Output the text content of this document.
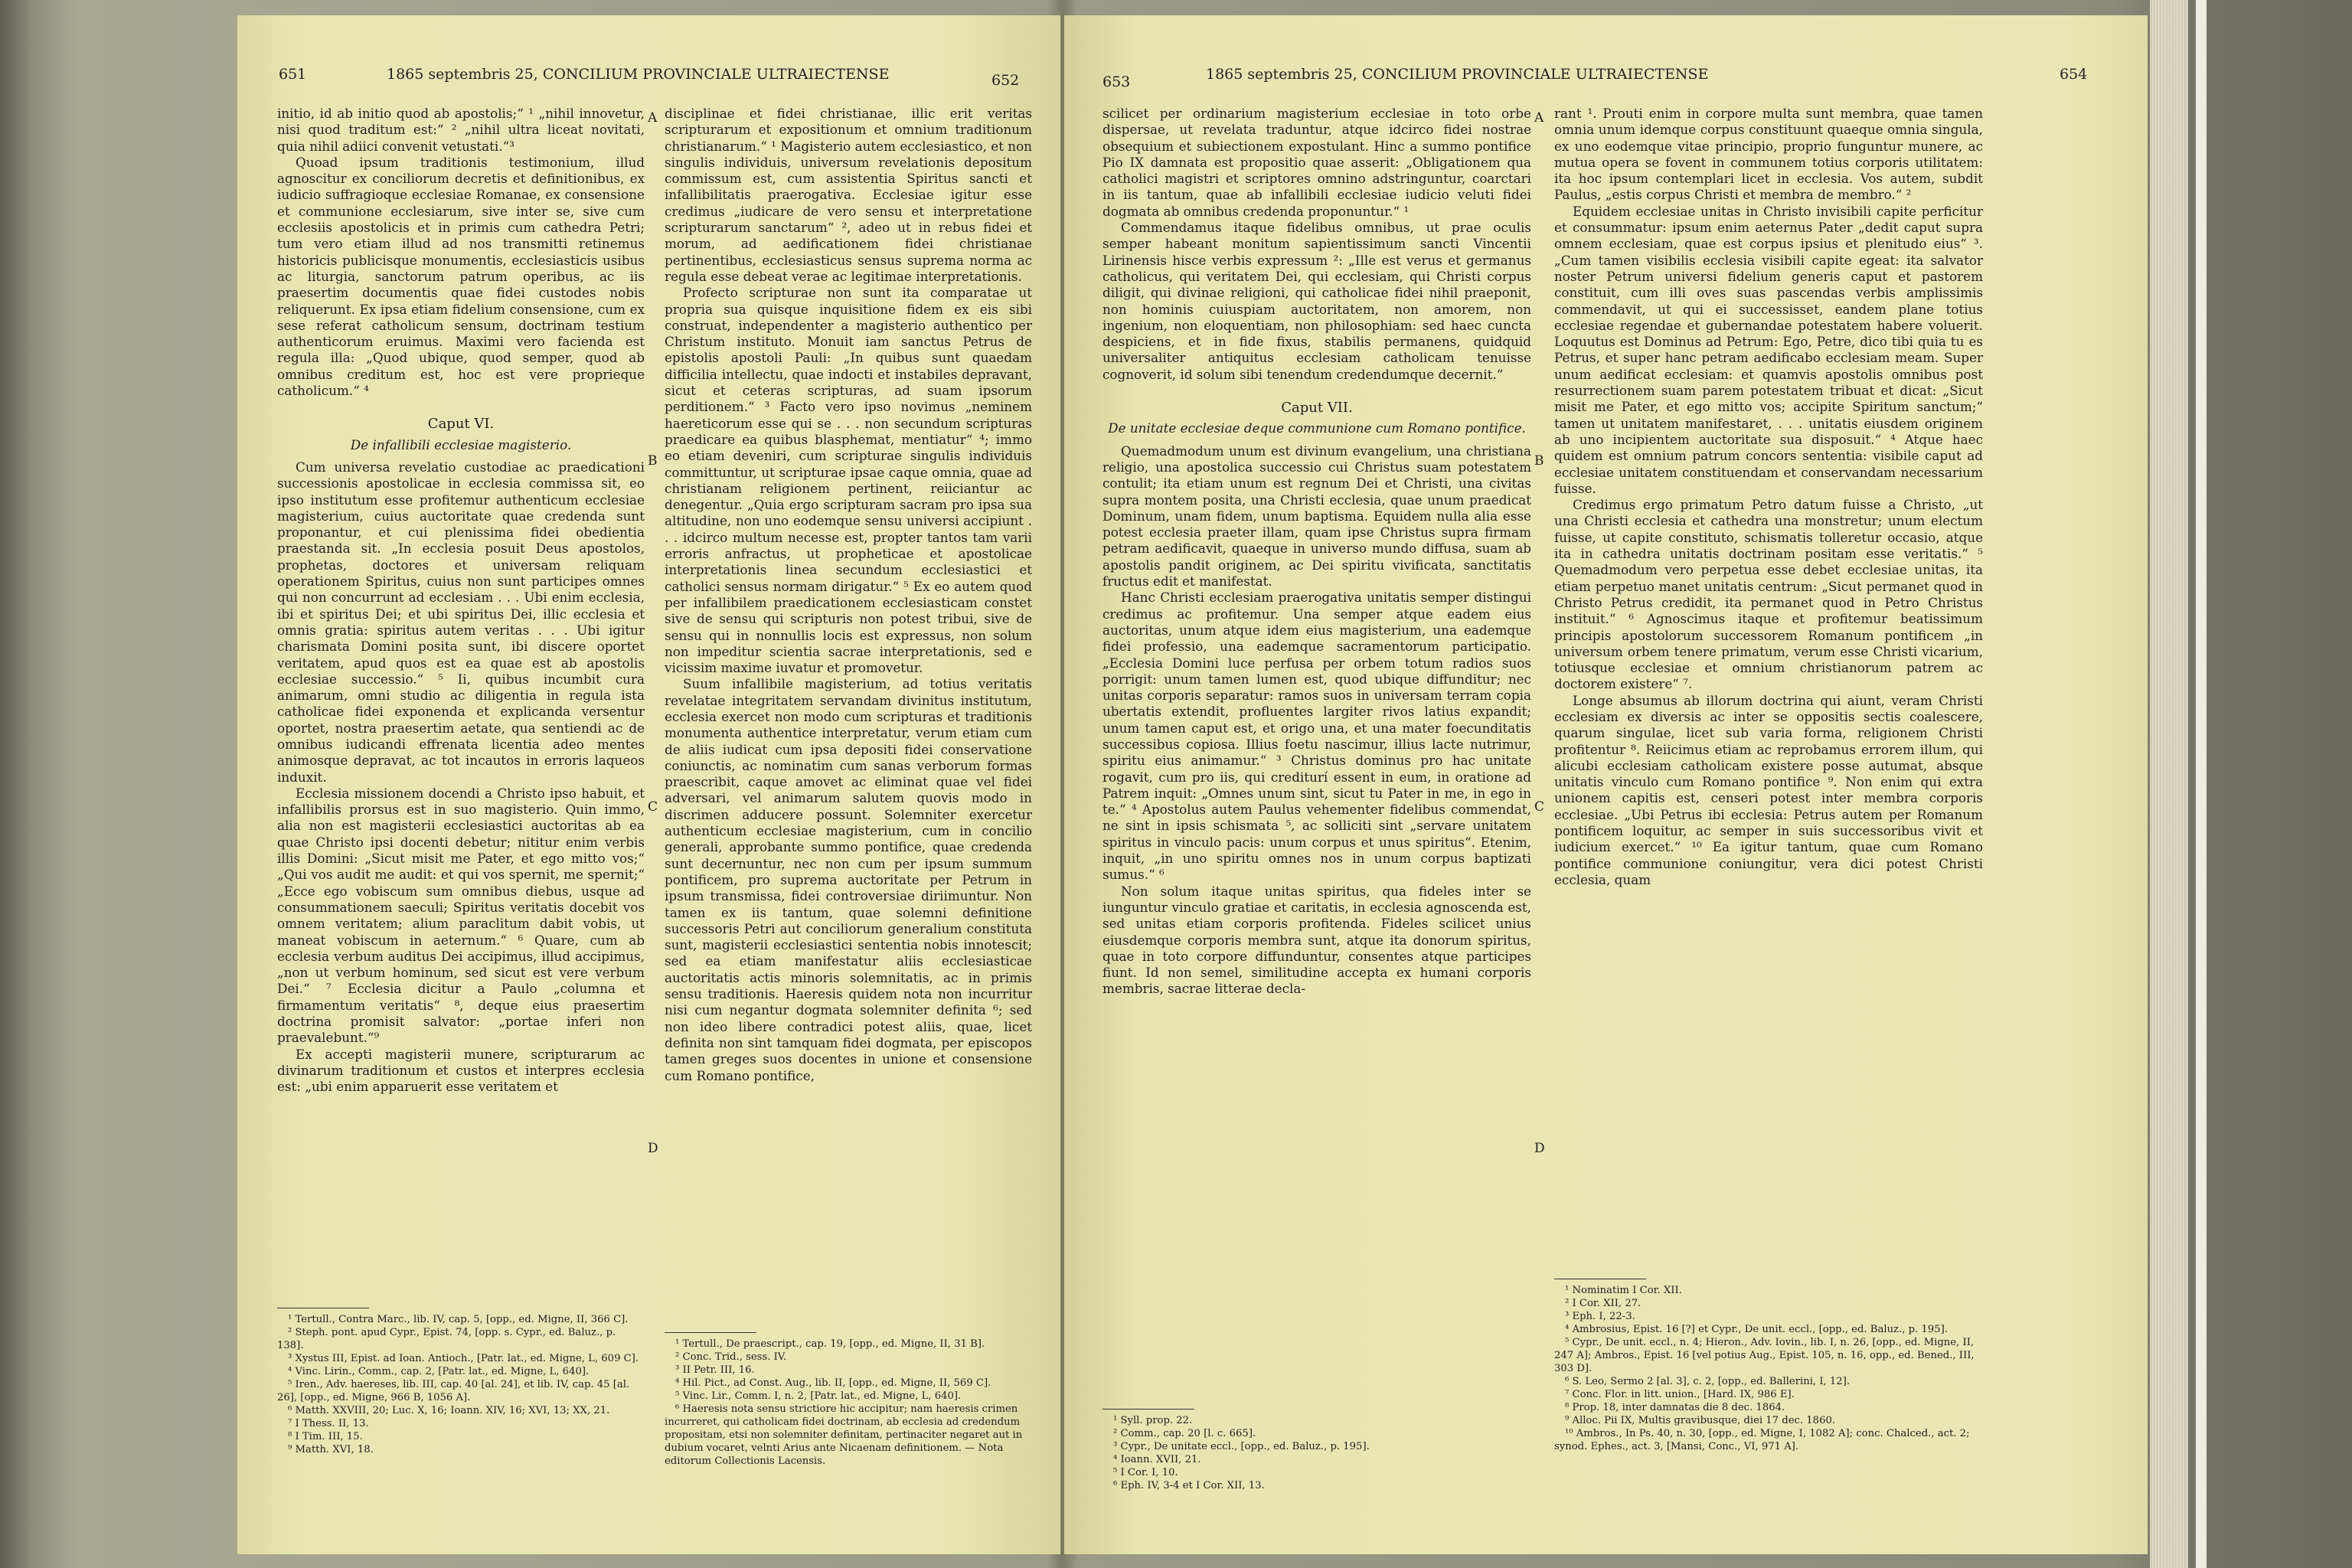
651	1865 septembris 25, CONCILIUM PROVINCIALE ULTRAIECTENSE	652

initio, id ab initio quod ab apostolis;“ ¹ „nihil innovetur, nisi quod traditum est:“ ² „nihil ultra liceat novitati, quia nihil adiici convenit vetustati.“³

Quoad ipsum traditionis testimonium, illud agnoscitur ex conciliorum decretis et definitionibus, ex iudicio suffragioque ecclesiae Romanae, ex consensione et communione ecclesiarum, sive inter se, sive cum ecclesiis apostolicis et in primis cum cathedra Petri; tum vero etiam illud ad nos transmitti retinemus historicis publicisque monumentis, ecclesiasticis usibus ac liturgia, sanctorum patrum operibus, ac iis praesertim documentis quae fidei custodes nobis reliquerunt. Ex ipsa etiam fidelium consensione, cum ex sese referat catholicum sensum, doctrinam testium authenticorum eruimus. Maximi vero facienda est regula illa: „Quod ubique, quod semper, quod ab omnibus creditum est, hoc est vere proprieque catholicum.“ ⁴

Caput VI.

De infallibili ecclesiae magisterio.

Cum universa revelatio custodiae ac praedicationi successionis apostolicae in ecclesia commissa sit, eo ipso institutum esse profitemur authenticum ecclesiae magisterium, cuius auctoritate quae credenda sunt proponantur, et cui plenissima fidei obedientia praestanda sit. „In ecclesia posuit Deus apostolos, prophetas, doctores et universam reliquam operationem Spiritus, cuius non sunt participes omnes qui non concurrunt ad ecclesiam . . . Ubi enim ecclesia, ibi et spiritus Dei; et ubi spiritus Dei, illic ecclesia et omnis gratia: spiritus autem veritas . . . Ubi igitur charismata Domini posita sunt, ibi discere oportet veritatem, apud quos est ea quae est ab apostolis ecclesiae successio.“ ⁵ Ii, quibus incumbit cura animarum, omni studio ac diligentia in regula ista catholicae fidei exponenda et explicanda versentur oportet, nostra praesertim aetate, qua sentiendi ac de omnibus iudicandi effrenata licentia adeo mentes animosque depravat, ac tot incautos in erroris laqueos induxit.

Ecclesia missionem docendi a Christo ipso habuit, et infallibilis prorsus est in suo magisterio. Quin immo, alia non est magisterii ecclesiastici auctoritas ab ea quae Christo ipsi docenti debetur; nititur enim verbis illis Domini: „Sicut misit me Pater, et ego mitto vos;“ „Qui vos audit me audit: et qui vos spernit, me spernit;“ „Ecce ego vobiscum sum omnibus diebus, usque ad consummationem saeculi; Spiritus veritatis docebit vos omnem veritatem; alium paraclitum dabit vobis, ut maneat vobiscum in aeternum.“ ⁶ Quare, cum ab ecclesia verbum auditus Dei accipimus, illud accipimus, „non ut verbum hominum, sed sicut est vere verbum Dei.“ ⁷ Ecclesia dicitur a Paulo „columna et firmamentum veritatis“ ⁸, deque eius praesertim doctrina promisit salvator: „portae inferi non praevalebunt.“⁹

Ex accepti magisterii munere, scripturarum ac divinarum traditionum et custos et interpres ecclesia est: „ubi enim apparuerit esse veritatem et

disciplinae et fidei christianae, illic erit veritas scripturarum et expositionum et omnium traditionum christianarum.“ ¹ Magisterio autem ecclesiastico, et non singulis individuis, universum revelationis depositum commissum est, cum assistentia Spiritus sancti et infallibilitatis praerogativa. Ecclesiae igitur esse credimus „iudicare de vero sensu et interpretatione scripturarum sanctarum“ ², adeo ut in rebus fidei et morum, ad aedificationem fidei christianae pertinentibus, ecclesiasticus sensus suprema norma ac regula esse debeat verae ac legitimae interpretationis.

Profecto scripturae non sunt ita comparatae ut propria sua quisque inquisitione fidem ex eis sibi construat, independenter a magisterio authentico per Christum instituto. Monuit iam sanctus Petrus de epistolis apostoli Pauli: „In quibus sunt quaedam difficilia intellectu, quae indocti et instabiles depravant, sicut et ceteras scripturas, ad suam ipsorum perditionem.“ ³ Facto vero ipso novimus „neminem haereticorum esse qui se . . . non secundum scripturas praedicare ea quibus blasphemat, mentiatur“ ⁴; immo eo etiam deveniri, cum scripturae singulis individuis committuntur, ut scripturae ipsae caque omnia, quae ad christianam religionem pertinent, reiiciantur ac denegentur. „Quia ergo scripturam sacram pro ipsa sua altitudine, non uno eodemque sensu universi accipiunt . . . idcirco multum necesse est, propter tantos tam varii erroris anfractus, ut propheticae et apostolicae interpretationis linea secundum ecclesiastici et catholici sensus normam dirigatur.“ ⁵ Ex eo autem quod per infallibilem praedicationem ecclesiasticam constet sive de sensu qui scripturis non potest tribui, sive de sensu qui in nonnullis locis est expressus, non solum non impeditur scientia sacrae interpretationis, sed e vicissim maxime iuvatur et promovetur.

Suum infallibile magisterium, ad totius veritatis revelatae integritatem servandam divinitus institutum, ecclesia exercet non modo cum scripturas et traditionis monumenta authentice interpretatur, verum etiam cum de aliis iudicat cum ipsa depositi fidei conservatione coniunctis, ac nominatim cum sanas verborum formas praescribit, caque amovet ac eliminat quae vel fidei adversari, vel animarum salutem quovis modo in discrimen adducere possunt. Solemniter exercetur authenticum ecclesiae magisterium, cum in concilio generali, approbante summo pontifice, quae credenda sunt decernuntur, nec non cum per ipsum summum pontificem, pro suprema auctoritate per Petrum in ipsum transmissa, fidei controversiae diriimuntur. Non tamen ex iis tantum, quae solemni definitione successoris Petri aut conciliorum generalium constituta sunt, magisterii ecclesiastici sententia nobis innotescit; sed ea etiam manifestatur aliis ecclesiasticae auctoritatis actis minoris solemnitatis, ac in primis sensu traditionis. Haeresis quidem nota non incurritur nisi cum negantur dogmata solemniter definita ⁶; sed non ideo libere contradici potest aliis, quae, licet definita non sint tamquam fidei dogmata, per episcopos tamen greges suos docentes in unione et consensione cum Romano pontifice,

A
B
C
D

¹ Tertull., Contra Marc., lib. IV, cap. 5, [opp., ed. Migne, II, 366 C].

² Steph. pont. apud Cypr., Epist. 74, [opp. s. Cypr., ed. Baluz., p. 138].

³ Xystus III, Epist. ad Ioan. Antioch., [Patr. lat., ed. Migne, L, 609 C].

⁴ Vinc. Lirin., Comm., cap. 2, [Patr. lat., ed. Migne, L, 640].

⁵ Iren., Adv. haereses, lib. III, cap. 40 [al. 24], et lib. IV, cap. 45 [al. 26], [opp., ed. Migne, 966 B, 1056 A].

⁶ Matth. XXVIII, 20; Luc. X, 16; Ioann. XIV, 16; XVI, 13; XX, 21.

⁷ I Thess. II, 13.

⁸ I Tim. III, 15.

⁹ Matth. XVI, 18.

¹ Tertull., De praescript., cap. 19, [opp., ed. Migne, II, 31 B].

² Conc. Trid., sess. IV.

³ II Petr. III, 16.

⁴ Hil. Pict., ad Const. Aug., lib. II, [opp., ed. Migne, II, 569 C].

⁵ Vinc. Lir., Comm. I, n. 2, [Patr. lat., ed. Migne, L, 640].

⁶ Haeresis nota sensu strictiore hic accipitur; nam haeresis crimen incurreret, qui catholicam fidei doctrinam, ab ecclesia ad credendum propositam, etsi non solemniter definitam, pertinaciter negaret aut in dubium vocaret, velnti Arius ante Nicaenam definitionem. — Nota editorum Collectionis Lacensis.

653	1865 septembris 25, CONCILIUM PROVINCIALE ULTRAIECTENSE	654

scilicet per ordinarium magisterium ecclesiae in toto orbe dispersae, ut revelata traduntur, atque idcirco fidei nostrae obsequium et subiectionem expostulant. Hinc a summo pontifice Pio IX damnata est propositio quae asserit: „Obligationem qua catholici magistri et scriptores omnino adstringuntur, coarctari in iis tantum, quae ab infallibili ecclesiae iudicio veluti fidei dogmata ab omnibus credenda proponuntur.“ ¹

Commendamus itaque fidelibus omnibus, ut prae oculis semper habeant monitum sapientissimum sancti Vincentii Lirinensis hisce verbis expressum ²: „Ille est verus et germanus catholicus, qui veritatem Dei, qui ecclesiam, qui Christi corpus diligit, qui divinae religioni, qui catholicae fidei nihil praeponit, non hominis cuiuspiam auctoritatem, non amorem, non ingenium, non eloquentiam, non philosophiam: sed haec cuncta despiciens, et in fide fixus, stabilis permanens, quidquid universaliter antiquitus ecclesiam catholicam tenuisse cognoverit, id solum sibi tenendum credendumque decernit.“

Caput VII.

De unitate ecclesiae deque communione cum Romano pontifice.

Quemadmodum unum est divinum evangelium, una christiana religio, una apostolica successio cui Christus suam potestatem contulit; ita etiam unum est regnum Dei et Christi, una civitas supra montem posita, una Christi ecclesia, quae unum praedicat Dominum, unam fidem, unum baptisma. Equidem nulla alia esse potest ecclesia praeter illam, quam ipse Christus supra firmam petram aedificavit, quaeque in universo mundo diffusa, suam ab apostolis pandit originem, ac Dei spiritu vivificata, sanctitatis fructus edit et manifestat.

Hanc Christi ecclesiam praerogativa unitatis semper distingui credimus ac profitemur. Una semper atque eadem eius auctoritas, unum atque idem eius magisterium, una eademque fidei professio, una eademque sacramentorum participatio. „Ecclesia Domini luce perfusa per orbem totum radios suos porrigit: unum tamen lumen est, quod ubique diffunditur; nec unitas corporis separatur: ramos suos in universam terram copia ubertatis extendit, profluentes largiter rivos latius expandit; unum tamen caput est, et origo una, et una mater foecunditatis successibus copiosa. Illius foetu nascimur, illius lacte nutrimur, spiritu eius animamur.“ ³ Christus dominus pro hac unitate rogavit, cum pro iis, qui crediturí essent in eum, in oratione ad Patrem inquit: „Omnes unum sint, sicut tu Pater in me, in ego in te.“ ⁴ Apostolus autem Paulus vehementer fidelibus commendat, ne sint in ipsis schismata ⁵, ac solliciti sint „servare unitatem spiritus in vinculo pacis: unum corpus et unus spiritus“. Etenim, inquit, „in uno spiritu omnes nos in unum corpus baptizati sumus.“ ⁶

Non solum itaque unitas spiritus, qua fideles inter se iunguntur vinculo gratiae et caritatis, in ecclesia agnoscenda est, sed unitas etiam corporis profitenda. Fideles scilicet unius eiusdemque corporis membra sunt, atque ita donorum spiritus, quae in toto corpore diffunduntur, consentes atque participes fiunt. Id non semel, similitudine accepta ex humani corporis membris, sacrae litterae decla-

rant ¹. Prouti enim in corpore multa sunt membra, quae tamen omnia unum idemque corpus constituunt quaeque omnia singula, ex uno eodemque vitae principio, proprio funguntur munere, ac mutua opera se fovent in communem totius corporis utilitatem: ita hoc ipsum contemplari licet in ecclesia. Vos autem, subdit Paulus, „estis corpus Christi et membra de membro.“ ²

Equidem ecclesiae unitas in Christo invisibili capite perficitur et consummatur: ipsum enim aeternus Pater „dedit caput supra omnem ecclesiam, quae est corpus ipsius et plenitudo eius“ ³. „Cum tamen visibilis ecclesia visibili capite egeat: ita salvator noster Petrum universi fidelium generis caput et pastorem constituit, cum illi oves suas pascendas verbis amplissimis commendavit, ut qui ei successisset, eandem plane totius ecclesiae regendae et gubernandae potestatem habere voluerit. Loquutus est Dominus ad Petrum: Ego, Petre, dico tibi quia tu es Petrus, et super hanc petram aedificabo ecclesiam meam. Super unum aedificat ecclesiam: et quamvis apostolis omnibus post resurrectionem suam parem potestatem tribuat et dicat: „Sicut misit me Pater, et ego mitto vos; accipite Spiritum sanctum;“ tamen ut unitatem manifestaret, . . . unitatis eiusdem originem ab uno incipientem auctoritate sua disposuit.“ ⁴ Atque haec quidem est omnium patrum concors sententia: visibile caput ad ecclesiae unitatem constituendam et conservandam necessarium fuisse.

Credimus ergo primatum Petro datum fuisse a Christo, „ut una Christi ecclesia et cathedra una monstretur; unum electum fuisse, ut capite constituto, schismatis tolleretur occasio, atque ita in cathedra unitatis doctrinam positam esse veritatis.“ ⁵ Quemadmodum vero perpetua esse debet ecclesiae unitas, ita etiam perpetuo manet unitatis centrum: „Sicut permanet quod in Christo Petrus credidit, ita permanet quod in Petro Christus instituit.“ ⁶ Agnoscimus itaque et profitemur beatissimum principis apostolorum successorem Romanum pontificem „in universum orbem tenere primatum, verum esse Christi vicarium, totiusque ecclesiae et omnium christianorum patrem ac doctorem existere“ ⁷.

Longe absumus ab illorum doctrina qui aiunt, veram Christi ecclesiam ex diversis ac inter se oppositis sectis coalescere, quarum singulae, licet sub varia forma, religionem Christi profitentur ⁸. Reiicimus etiam ac reprobamus errorem illum, qui alicubi ecclesiam catholicam existere posse autumat, absque unitatis vinculo cum Romano pontifice ⁹. Non enim qui extra unionem capitis est, censeri potest inter membra corporis ecclesiae. „Ubi Petrus ibi ecclesia: Petrus autem per Romanum pontificem loquitur, ac semper in suis successoribus vivit et iudicium exercet.“ ¹⁰ Ea igitur tantum, quae cum Romano pontifice communione coniungitur, vera dici potest Christi ecclesia, quam

A
B
C
D

¹ Syll. prop. 22.

² Comm., cap. 20 [l. c. 665].

³ Cypr., De unitate eccl., [opp., ed. Baluz., p. 195].

⁴ Ioann. XVII, 21.

⁵ I Cor. I, 10.

⁶ Eph. IV, 3-4 et I Cor. XII, 13.

¹ Nominatim I Cor. XII.

² I Cor. XII, 27.

³ Eph. I, 22-3.

⁴ Ambrosius, Epist. 16 [?] et Cypr., De unit. eccl., [opp., ed. Baluz., p. 195].

⁵ Cypr., De unit. eccl., n. 4; Hieron., Adv. Iovin., lib. I, n. 26, [opp., ed. Migne, II, 247 A]; Ambros., Epist. 16 [vel potius Aug., Epist. 105, n. 16, opp., ed. Bened., III, 303 D].

⁶ S. Leo, Sermo 2 [al. 3], c. 2, [opp., ed. Ballerini, I, 12].

⁷ Conc. Flor. in litt. union., [Hard. IX, 986 E].

⁸ Prop. 18, inter damnatas die 8 dec. 1864.

⁹ Alloc. Pii IX, Multis gravibusque, diei 17 dec. 1860.

¹⁰ Ambros., In Ps. 40, n. 30, [opp., ed. Migne, I, 1082 A]; conc. Chalced., act. 2; synod. Ephes., act. 3, [Mansi, Conc., VI, 971 A].
